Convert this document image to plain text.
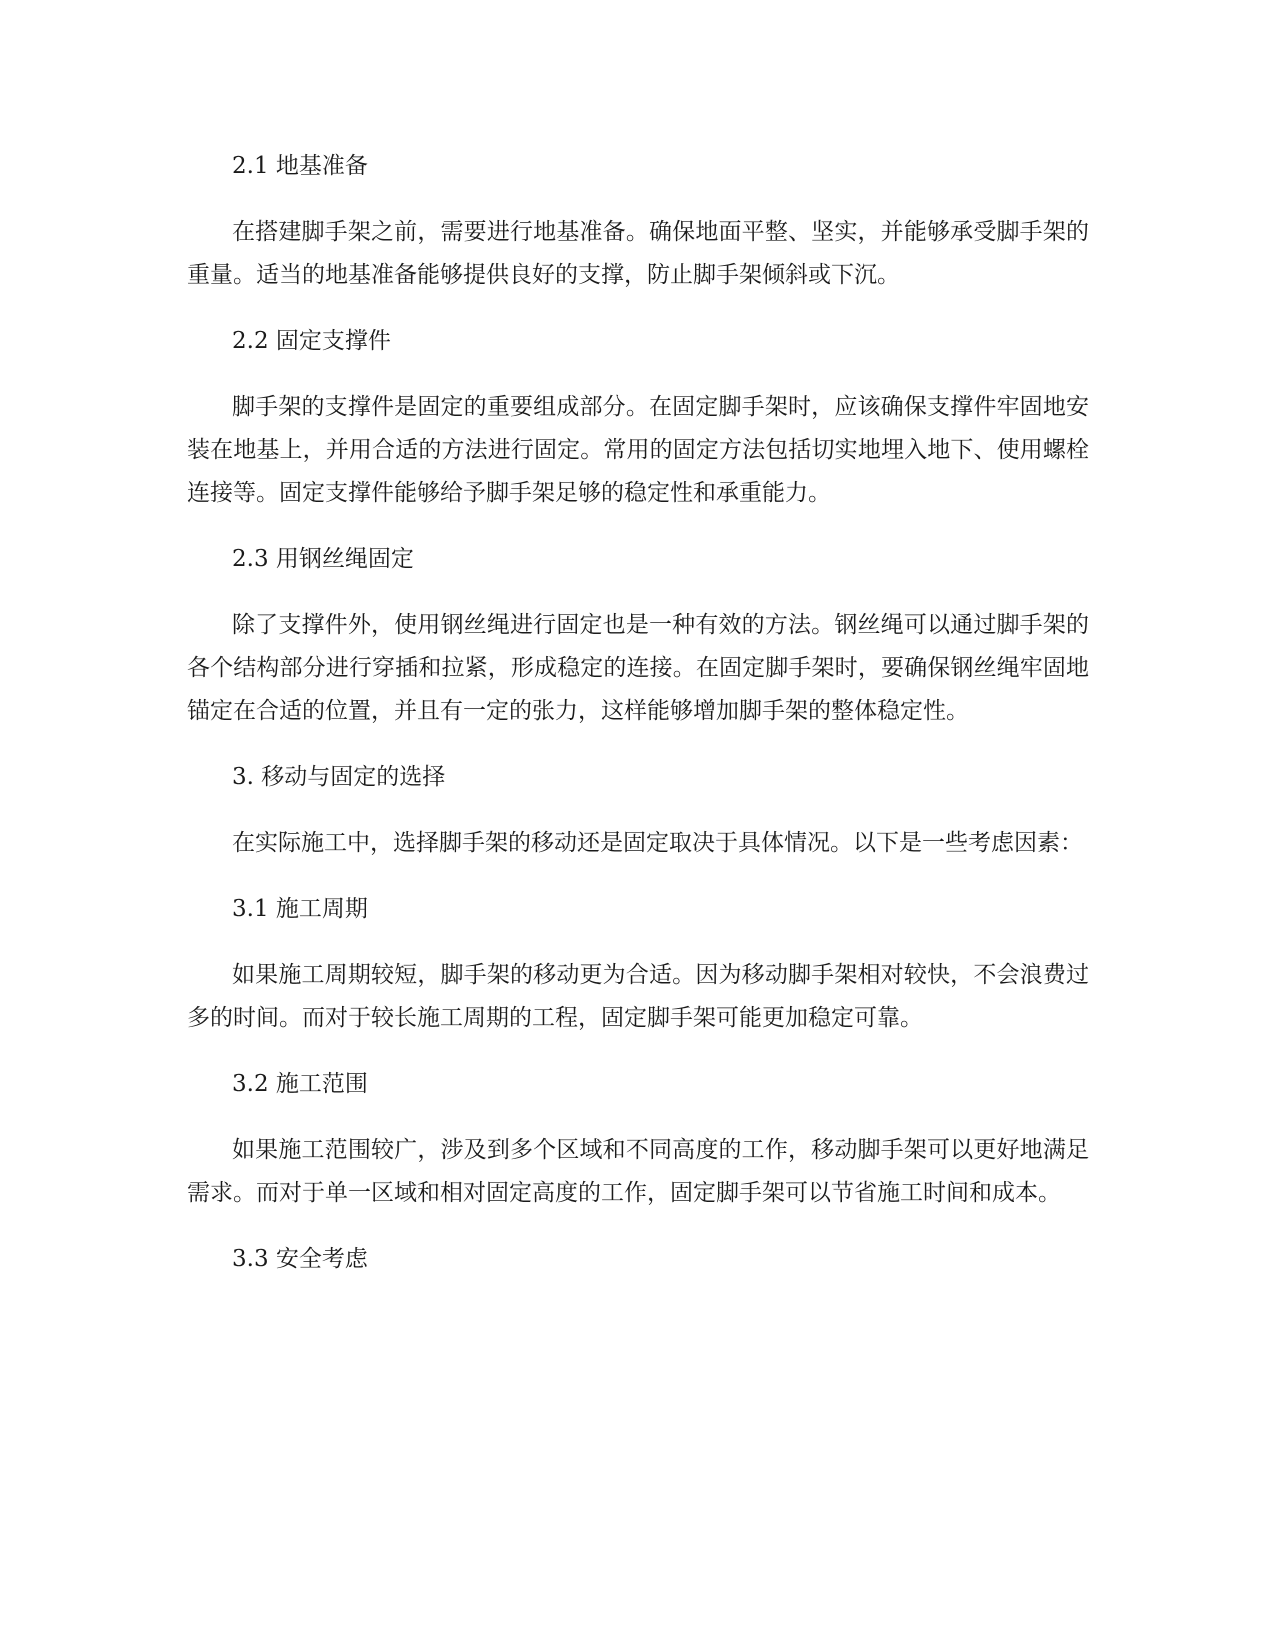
2.1 地基准备

在搭建脚手架之前，需要进行地基准备。确保地面平整、坚实，并能够承受脚手架的重量。适当的地基准备能够提供良好的支撑，防止脚手架倾斜或下沉。

2.2 固定支撑件

脚手架的支撑件是固定的重要组成部分。在固定脚手架时，应该确保支撑件牢固地安装在地基上，并用合适的方法进行固定。常用的固定方法包括切实地埋入地下、使用螺栓连接等。固定支撑件能够给予脚手架足够的稳定性和承重能力。

2.3 用钢丝绳固定

除了支撑件外，使用钢丝绳进行固定也是一种有效的方法。钢丝绳可以通过脚手架的各个结构部分进行穿插和拉紧，形成稳定的连接。在固定脚手架时，要确保钢丝绳牢固地锚定在合适的位置，并且有一定的张力，这样能够增加脚手架的整体稳定性。

3. 移动与固定的选择

在实际施工中，选择脚手架的移动还是固定取决于具体情况。以下是一些考虑因素：

3.1 施工周期

如果施工周期较短，脚手架的移动更为合适。因为移动脚手架相对较快，不会浪费过多的时间。而对于较长施工周期的工程，固定脚手架可能更加稳定可靠。

3.2 施工范围

如果施工范围较广，涉及到多个区域和不同高度的工作，移动脚手架可以更好地满足需求。而对于单一区域和相对固定高度的工作，固定脚手架可以节省施工时间和成本。

3.3 安全考虑
